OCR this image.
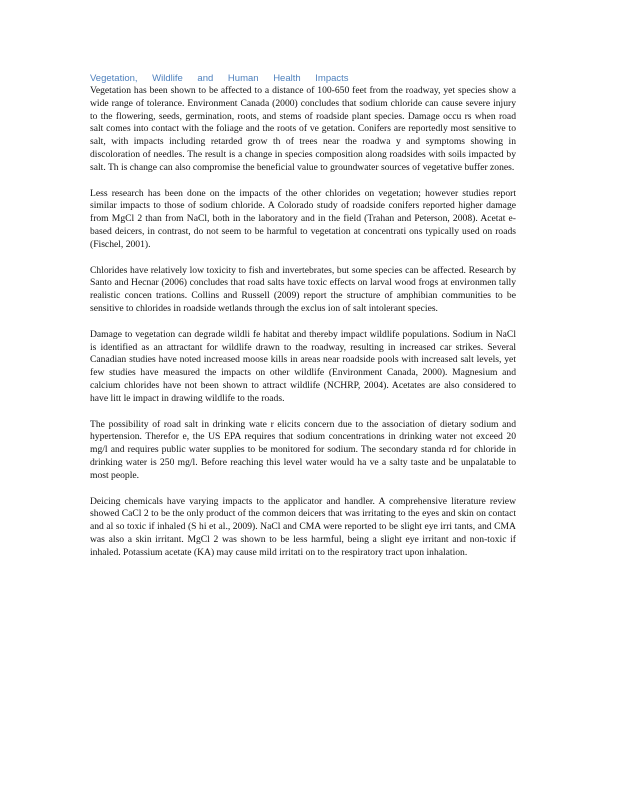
Vegetation, Wildlife and Human Health Impacts

Vegetation has been shown to be affected to a distance of 100-650 feet from the roadway, yet species show a wide range of tolerance. Environment Canada (2000) concludes that sodium chloride can cause severe injury to the flowering, seeds, germination, roots, and stems of roadside plant species. Damage occu rs when road salt comes into contact with the foliage and the roots of ve getation. Conifers are reportedly most sensitive to salt, with impacts including retarded grow th of trees near the roadwa y and symptoms showing in discoloration of needles. The result is a change in species composition along roadsides with soils impacted by salt. Th is change can also compromise the beneficial value to groundwater sources of vegetative buffer zones.

Less research has been done on the impacts of the other chlorides on vegetation; however studies report similar impacts to those of sodium chloride. A Colorado study of roadside conifers reported higher damage from MgCl 2 than from NaCl, both in the laboratory and in the field (Trahan and Peterson, 2008). Acetat e-based deicers, in contrast, do not seem to be harmful to vegetation at concentrati ons typically used on roads (Fischel, 2001).

Chlorides have relatively low toxicity to fish and invertebrates, but some species can be affected. Research by Santo and Hecnar (2006) concludes that road salts have toxic effects on larval wood frogs at environmen tally realistic concen trations. Collins and Russell (2009) report the structure of amphibian communities to be sensitive to chlorides in roadside wetlands through the exclus ion of salt intolerant species.

Damage to vegetation can degrade wildli fe habitat and thereby impact wildlife populations. Sodium in NaCl is identified as an attractant for wildlife drawn to the roadway, resulting in increased car strikes. Several Canadian studies have noted increased moose kills in areas near roadside pools with increased salt levels, yet few studies have measured the impacts on other wildlife (Environment Canada, 2000). Magnesium and calcium chlorides have not been shown to attract wildlife (NCHRP, 2004). Acetates are also considered to have litt le impact in drawing wildlife to the roads.

The possibility of road salt in drinking wate r elicits concern due to the association of dietary sodium and hypertension. Therefor e, the US EPA requires that sodium concentrations in drinking water not exceed 20 mg/l and requires public water supplies to be monitored for sodium. The secondary standa rd for chloride in drinking water is 250 mg/l. Before reaching this level water would ha ve a salty taste and be unpalatable to most people.

Deicing chemicals have varying impacts to the applicator and handler. A comprehensive literature review showed CaCl 2 to be the only product of the common deicers that was irritating to the eyes and skin on contact and al so toxic if inhaled (S hi et al., 2009). NaCl and CMA were reported to be slight eye irri tants, and CMA was also a skin irritant. MgCl 2 was shown to be less harmful, being a slight eye irritant and non-toxic if inhaled. Potassium acetate (KA) may cause mild irritati on to the respiratory tract upon inhalation.
